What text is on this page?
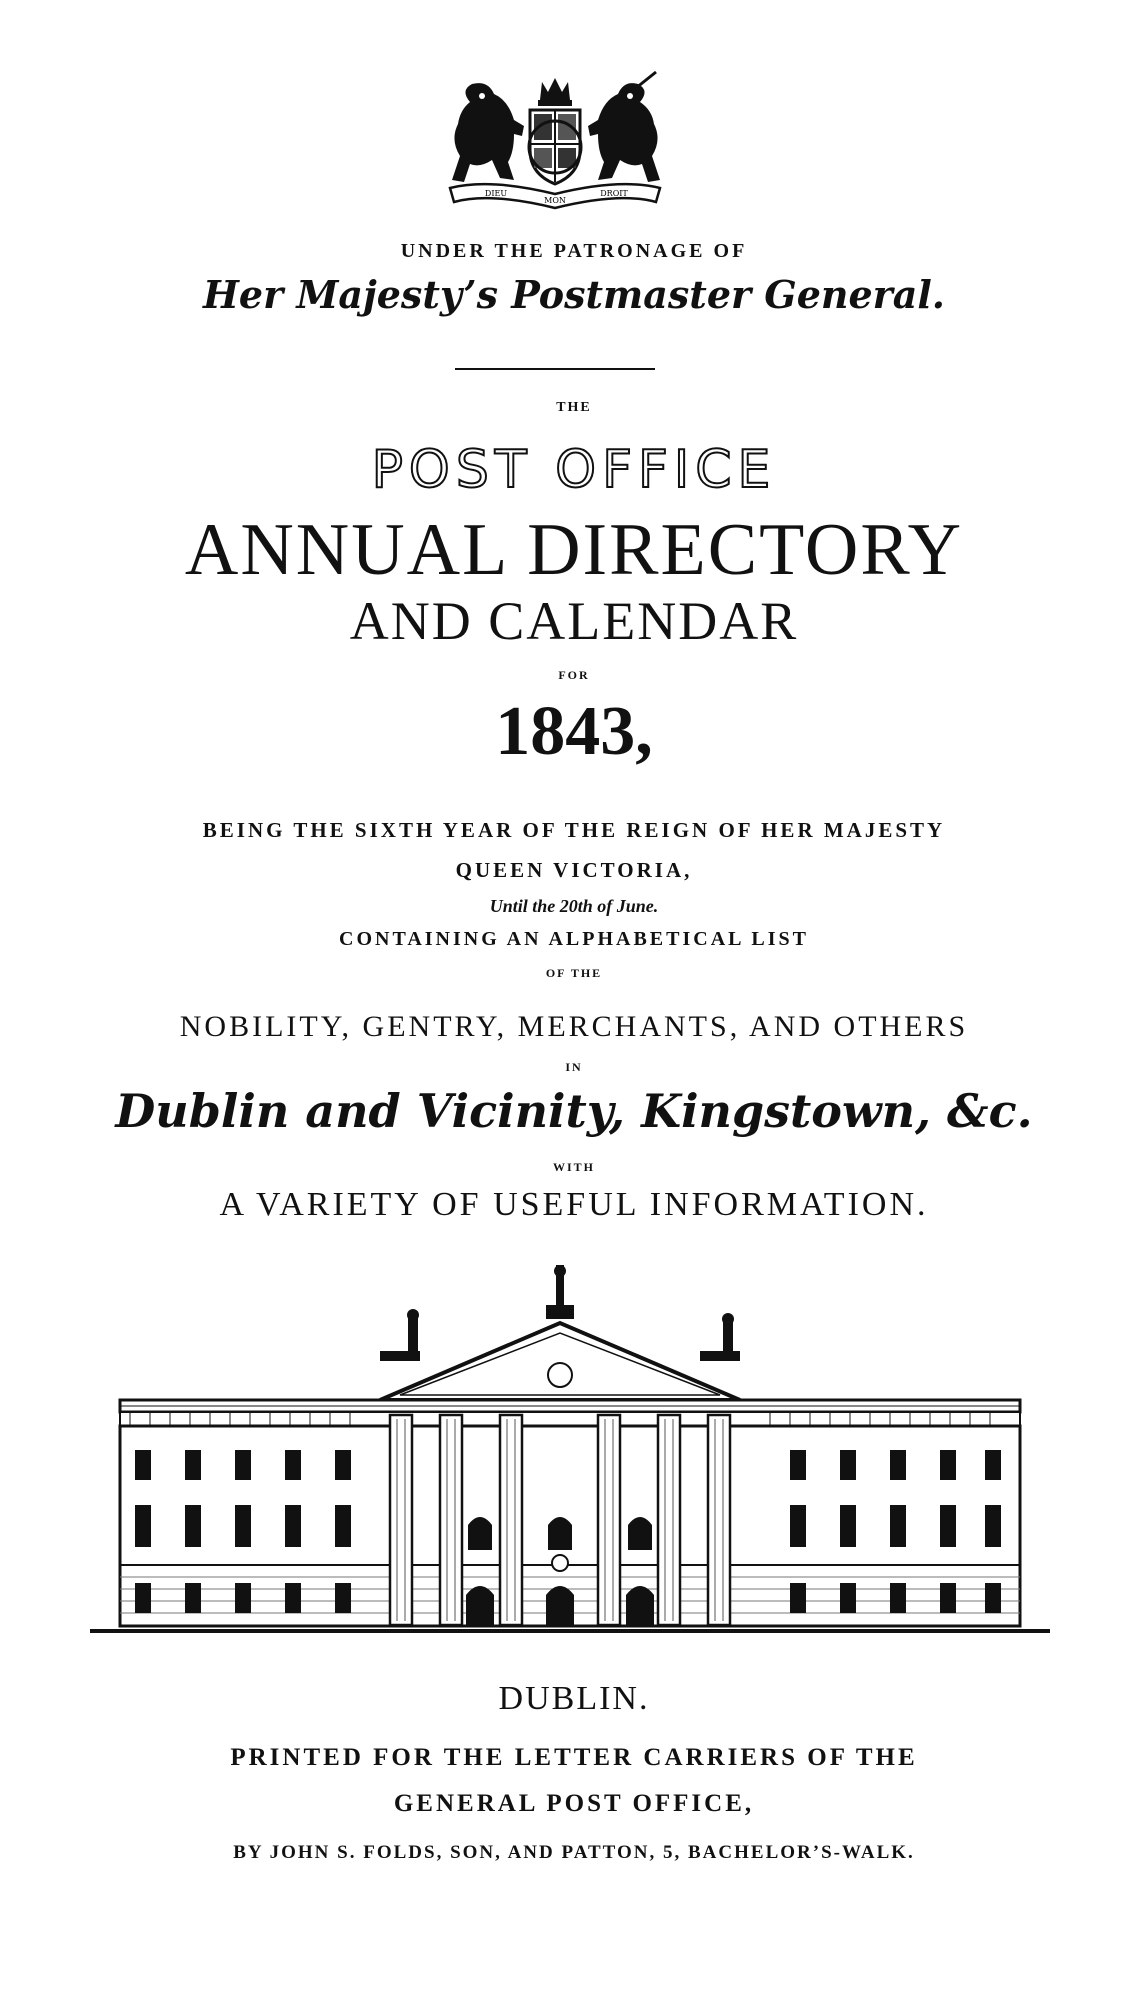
DIEU
MON
DROIT
UNDER THE PATRONAGE OF
Her Majesty’s Postmaster General.
THE
POST OFFICE
ANNUAL DIRECTORY
AND CALENDAR
FOR
1843,
BEING THE SIXTH YEAR OF THE REIGN OF HER MAJESTY
QUEEN VICTORIA,
Until the 20th of June.
CONTAINING AN ALPHABETICAL LIST
OF THE
NOBILITY, GENTRY, MERCHANTS, AND OTHERS
IN
Dublin and Vicinity, Kingstown, &c.
WITH
A VARIETY OF USEFUL INFORMATION.
DUBLIN.
PRINTED FOR THE LETTER CARRIERS OF THE
GENERAL POST OFFICE,
BY JOHN S. FOLDS, SON, AND PATTON, 5, BACHELOR’S-WALK.
